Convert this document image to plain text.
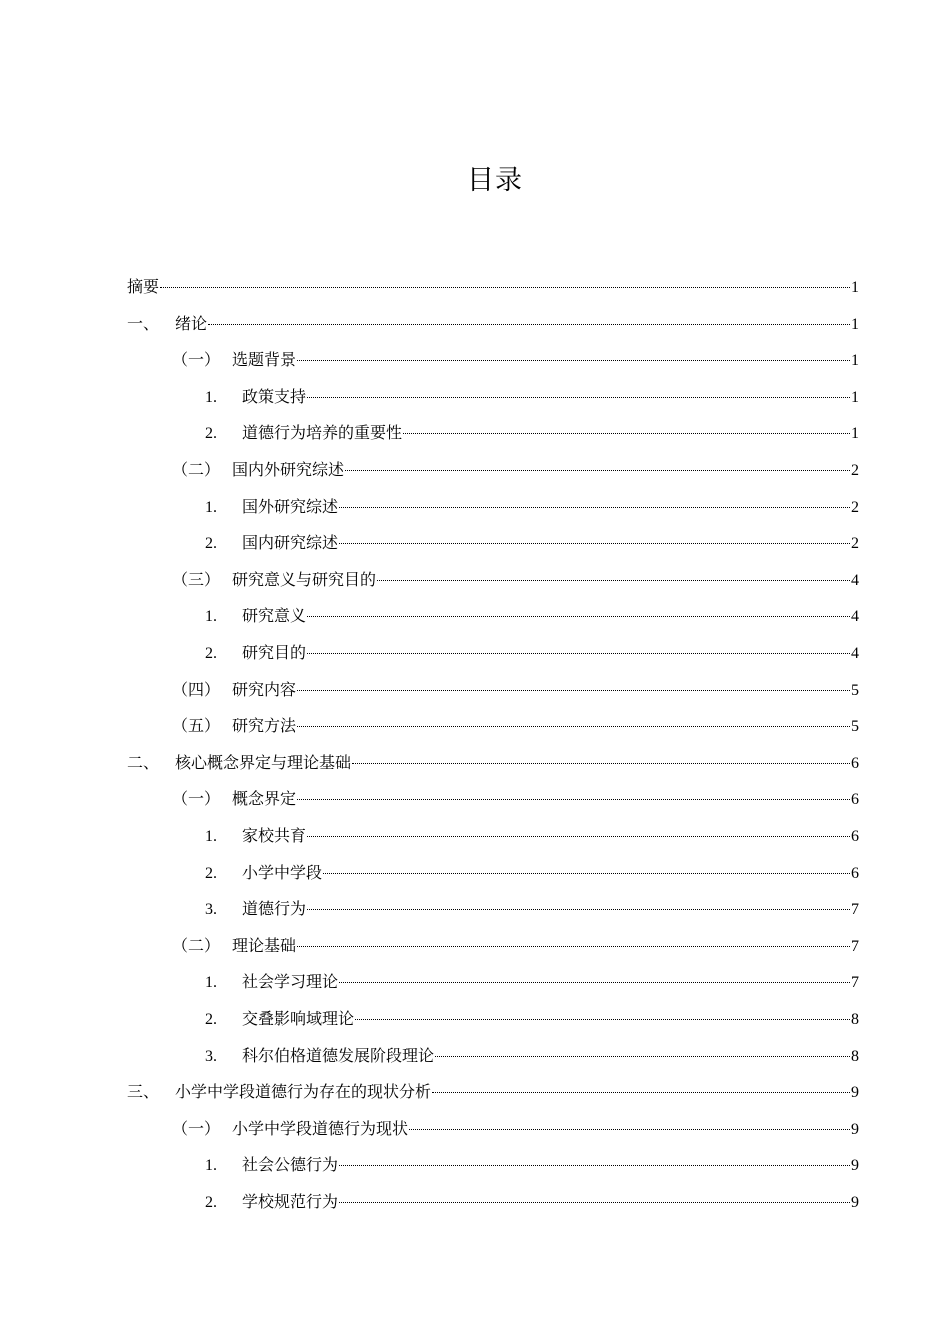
目录
摘要	1
一、 绪论	1
（一） 选题背景	1
1.	政策支持	1
2.	道德行为培养的重要性	1
（二） 国内外研究综述	2
1.	国外研究综述	2
2.	国内研究综述	2
（三） 研究意义与研究目的	4
1.	研究意义	4
2.	研究目的	4
（四） 研究内容	5
（五） 研究方法	5
二、 核心概念界定与理论基础	6
（一） 概念界定	6
1.	家校共育	6
2.	小学中学段	6
3.	道德行为	7
（二） 理论基础	7
1.	社会学习理论	7
2.	交叠影响域理论	8
3.	科尔伯格道德发展阶段理论	8
三、 小学中学段道德行为存在的现状分析	9
（一） 小学中学段道德行为现状	9
1.	社会公德行为	9
2.	学校规范行为	9
